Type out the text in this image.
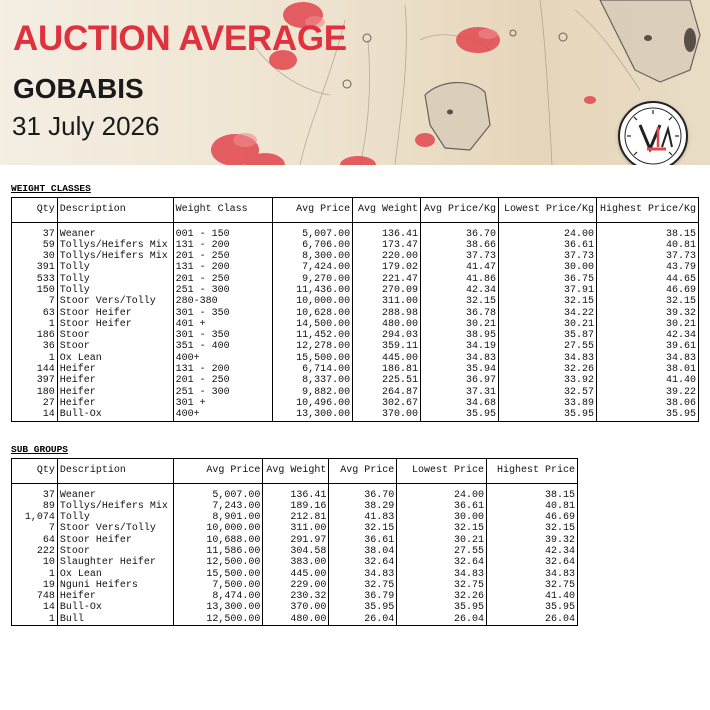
AUCTION AVERAGE
GOBABIS
31 July 2026
WEIGHT CLASSES
Qty	Description	Weight Class	Avg Price	Avg Weight	Avg Price/Kg	Lowest Price/Kg	Highest Price/Kg

37	Weaner	001 - 150	5,007.00	136.41	36.70	24.00	38.15
59	Tollys/Heifers Mix	131 - 200	6,706.00	173.47	38.66	36.61	40.81
30	Tollys/Heifers Mix	201 - 250	8,300.00	220.00	37.73	37.73	37.73
391	Tolly	131 - 200	7,424.00	179.02	41.47	30.00	43.79
533	Tolly	201 - 250	9,270.00	221.47	41.86	36.75	44.65
150	Tolly	251 - 300	11,436.00	270.09	42.34	37.91	46.69
7	Stoor Vers/Tolly	280-380	10,000.00	311.00	32.15	32.15	32.15
63	Stoor Heifer	301 - 350	10,628.00	288.98	36.78	34.22	39.32
1	Stoor Heifer	401 +	14,500.00	480.00	30.21	30.21	30.21
186	Stoor	301 - 350	11,452.00	294.03	38.95	35.87	42.34
36	Stoor	351 - 400	12,278.00	359.11	34.19	27.55	39.61
1	Ox Lean	400+	15,500.00	445.00	34.83	34.83	34.83
144	Heifer	131 - 200	6,714.00	186.81	35.94	32.26	38.01
397	Heifer	201 - 250	8,337.00	225.51	36.97	33.92	41.40
180	Heifer	251 - 300	9,882.00	264.87	37.31	32.57	39.22
27	Heifer	301 +	10,496.00	302.67	34.68	33.89	38.06
14	Bull-Ox	400+	13,300.00	370.00	35.95	35.95	35.95
SUB GROUPS
Qty	Description	Avg Price	Avg Weight	Avg Price	Lowest Price	Highest Price

37	Weaner	5,007.00	136.41	36.70	24.00	38.15
89	Tollys/Heifers Mix	7,243.00	189.16	38.29	36.61	40.81
1,074	Tolly	8,901.00	212.81	41.83	30.00	46.69
7	Stoor Vers/Tolly	10,000.00	311.00	32.15	32.15	32.15
64	Stoor Heifer	10,688.00	291.97	36.61	30.21	39.32
222	Stoor	11,586.00	304.58	38.04	27.55	42.34
10	Slaughter Heifer	12,500.00	383.00	32.64	32.64	32.64
1	Ox Lean	15,500.00	445.00	34.83	34.83	34.83
19	Nguni Heifers	7,500.00	229.00	32.75	32.75	32.75
748	Heifer	8,474.00	230.32	36.79	32.26	41.40
14	Bull-Ox	13,300.00	370.00	35.95	35.95	35.95
1	Bull	12,500.00	480.00	26.04	26.04	26.04
